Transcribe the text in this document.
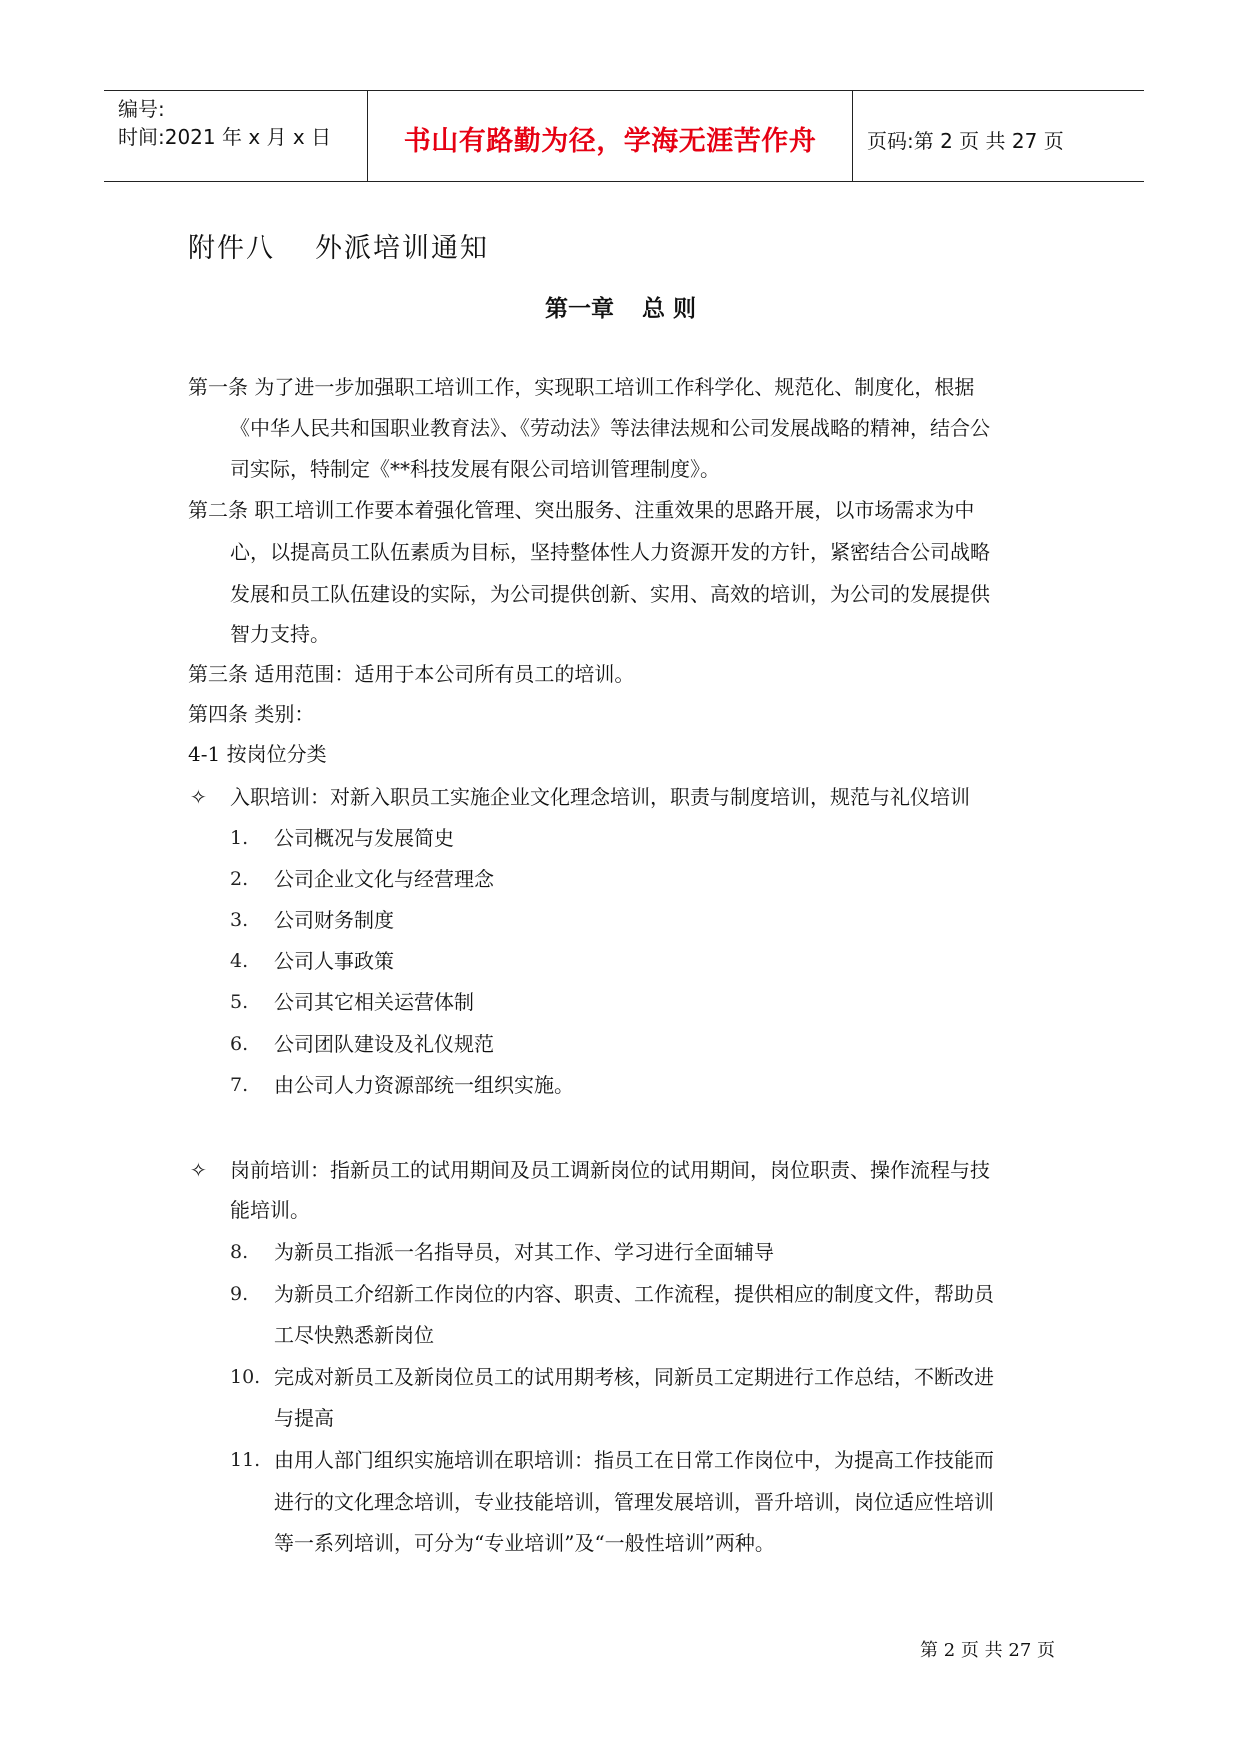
编号:
时间:2021 年 x 月 x 日	书山有路勤为径，学海无涯苦作舟	页码:第 2 页 共 27 页
附件八 外派培训通知
第一章 总 则
第一条 为了进一步加强职工培训工作，实现职工培训工作科学化、规范化、制度化，根据
《中华人民共和国职业教育法》、《劳动法》等法律法规和公司发展战略的精神，结合公
司实际，特制定《**科技发展有限公司培训管理制度》。
第二条 职工培训工作要本着强化管理、突出服务、注重效果的思路开展，以市场需求为中
心，以提高员工队伍素质为目标，坚持整体性人力资源开发的方针，紧密结合公司战略
发展和员工队伍建设的实际，为公司提供创新、实用、高效的培训，为公司的发展提供
智力支持。
第三条 适用范围：适用于本公司所有员工的培训。
第四条 类别：
4-1 按岗位分类
✧ 入职培训：对新入职员工实施企业文化理念培训，职责与制度培训，规范与礼仪培训
1. 公司概况与发展简史
2. 公司企业文化与经营理念
3. 公司财务制度
4. 公司人事政策
5. 公司其它相关运营体制
6. 公司团队建设及礼仪规范
7. 由公司人力资源部统一组织实施。
✧ 岗前培训：指新员工的试用期间及员工调新岗位的试用期间，岗位职责、操作流程与技
能培训。
8. 为新员工指派一名指导员，对其工作、学习进行全面辅导
9. 为新员工介绍新工作岗位的内容、职责、工作流程，提供相应的制度文件，帮助员
工尽快熟悉新岗位
10. 完成对新员工及新岗位员工的试用期考核，同新员工定期进行工作总结，不断改进
与提高
11. 由用人部门组织实施培训在职培训：指员工在日常工作岗位中，为提高工作技能而
进行的文化理念培训，专业技能培训，管理发展培训，晋升培训，岗位适应性培训
等一系列培训，可分为“专业培训”及“一般性培训”两种。
第 2 页 共 27 页
